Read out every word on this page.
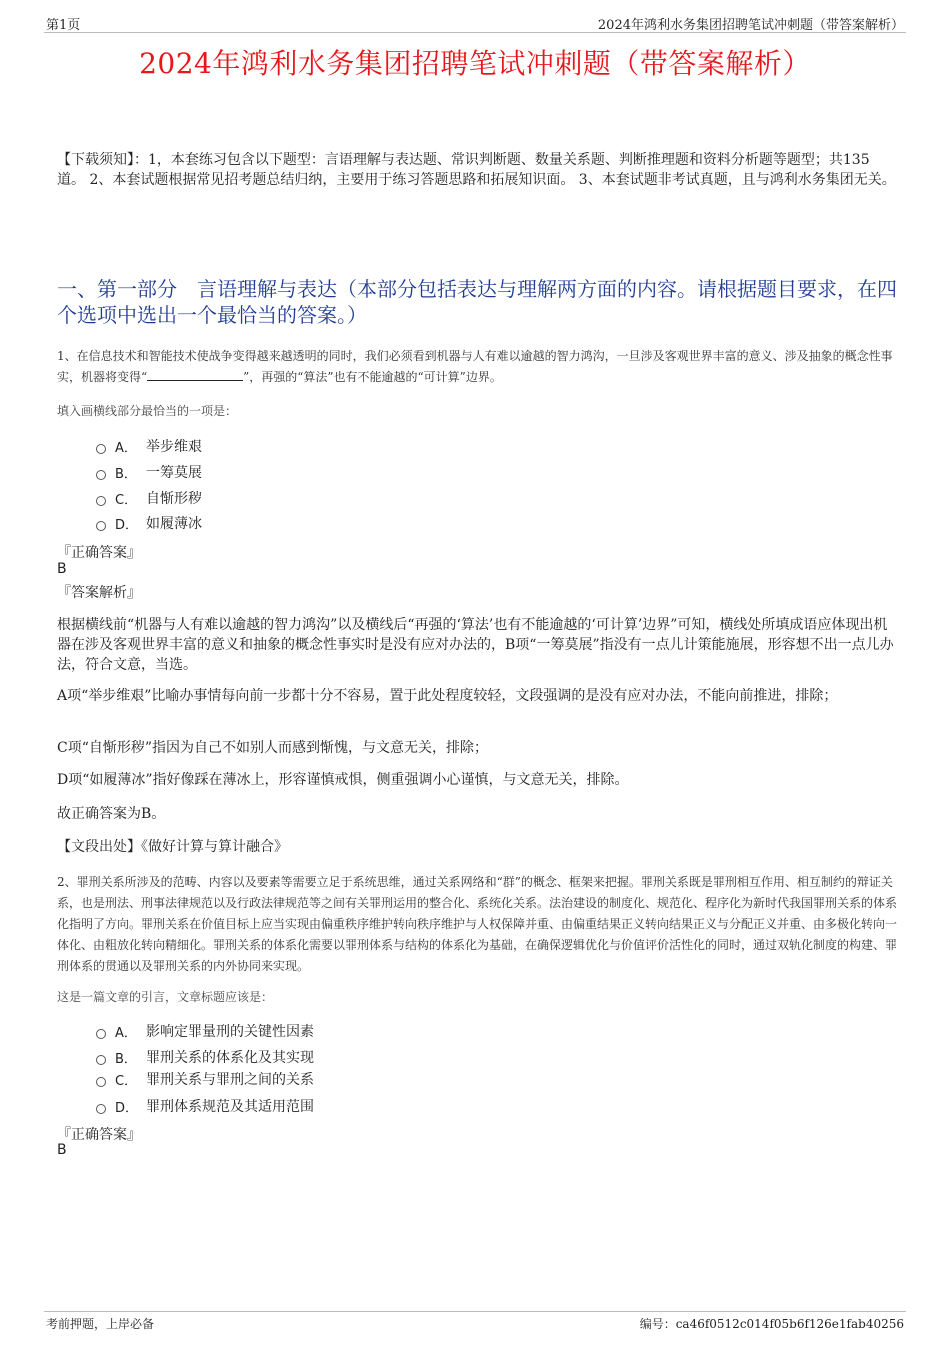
第1页	2024年鸿利水务集团招聘笔试冲刺题（带答案解析）
2024年鸿利水务集团招聘笔试冲刺题（带答案解析）
【下载须知】：1，本套练习包含以下题型：言语理解与表达题、常识判断题、数量关系题、判断推理题和资料分析题等题型；共135道。 2、本套试题根据常见招考题总结归纳，主要用于练习答题思路和拓展知识面。 3、本套试题非考试真题，且与鸿利水务集团无关。
一、第一部分　言语理解与表达（本部分包括表达与理解两方面的内容。请根据题目要求，在四个选项中选出一个最恰当的答案。）
1、在信息技术和智能技术使战争变得越来越透明的同时，我们必须看到机器与人有难以逾越的智力鸿沟，一旦涉及客观世界丰富的意义、涉及抽象的概念性事实，机器将变得“	”，再强的“算法”也有不能逾越的“可计算”边界。
填入画横线部分最恰当的一项是：
A． 举步维艰
B． 一筹莫展
C． 自惭形秽
D． 如履薄冰
『正确答案』
B
『答案解析』
根据横线前“机器与人有难以逾越的智力鸿沟”以及横线后“再强的‘算法’也有不能逾越的‘可计算’边界”可知，横线处所填成语应体现出机器在涉及客观世界丰富的意义和抽象的概念性事实时是没有应对办法的，B项“一筹莫展”指没有一点儿计策能施展，形容想不出一点儿办法，符合文意，当选。
A项“举步维艰”比喻办事情每向前一步都十分不容易，置于此处程度较轻，文段强调的是没有应对办法，不能向前推进，排除；
C项“自惭形秽”指因为自己不如别人而感到惭愧，与文意无关，排除；
D项“如履薄冰”指好像踩在薄冰上，形容谨慎戒惧，侧重强调小心谨慎，与文意无关，排除。
故正确答案为B。
【文段出处】《做好计算与算计融合》
2、罪刑关系所涉及的范畴、内容以及要素等需要立足于系统思维，通过关系网络和“群”的概念、框架来把握。罪刑关系既是罪刑相互作用、相互制约的辩证关系，也是刑法、刑事法律规范以及行政法律规范等之间有关罪刑运用的整合化、系统化关系。法治建设的制度化、规范化、程序化为新时代我国罪刑关系的体系化指明了方向。罪刑关系在价值目标上应当实现由偏重秩序维护转向秩序维护与人权保障并重、由偏重结果正义转向结果正义与分配正义并重、由多极化转向一体化、由粗放化转向精细化。罪刑关系的体系化需要以罪刑体系与结构的体系化为基础，在确保逻辑优化与价值评价活性化的同时，通过双轨化制度的构建、罪刑体系的贯通以及罪刑关系的内外协同来实现。
这是一篇文章的引言，文章标题应该是：
A． 影响定罪量刑的关键性因素
B． 罪刑关系的体系化及其实现
C． 罪刑关系与罪刑之间的关系
D． 罪刑体系规范及其适用范围
『正确答案』
B
考前押题，上岸必备	编号：ca46f0512c014f05b6f126e1fab40256
